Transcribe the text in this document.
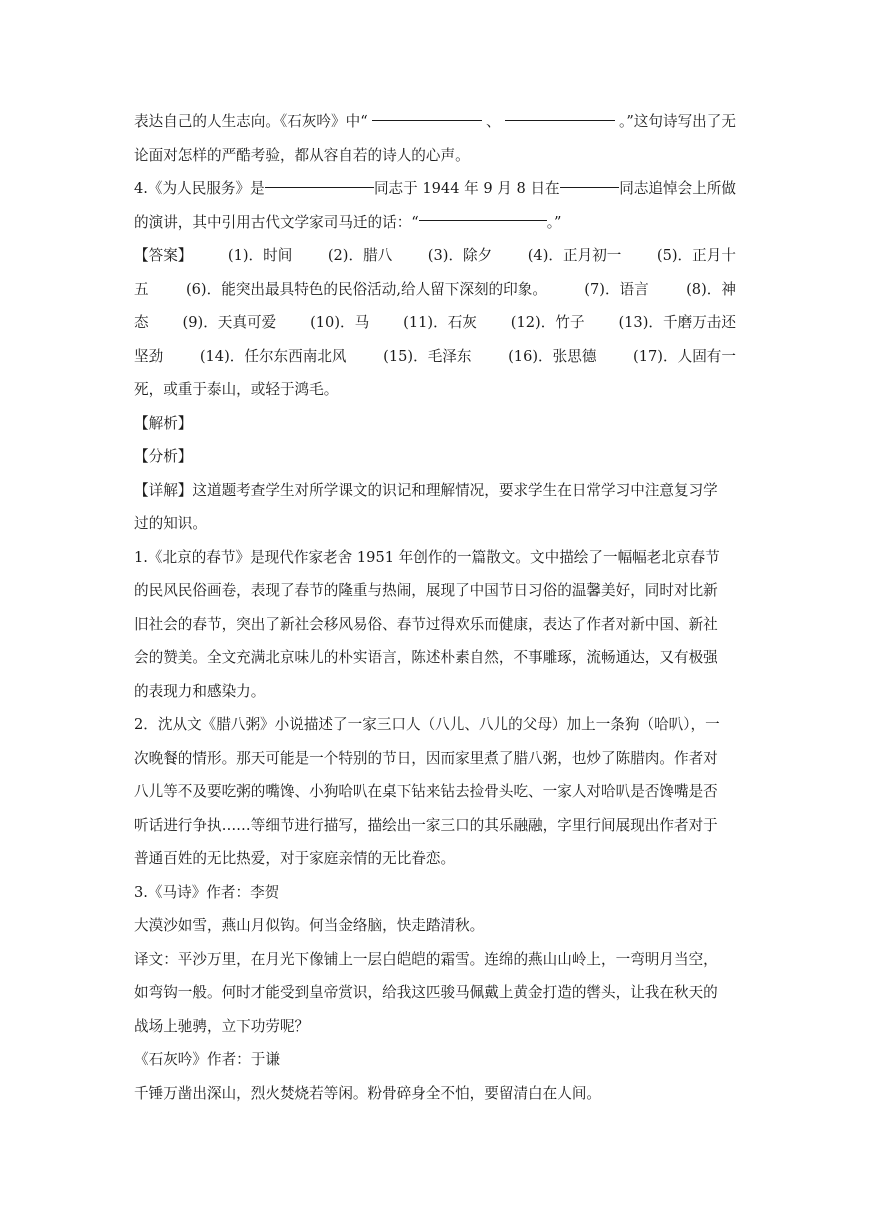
表达自己的人生志向。《石灰吟》中“	、	。”这句诗写出了无

论面对怎样的严酷考验，都从容自若的诗人的心声。

4.《为人民服务》是	同志于 1944 年 9 月 8 日在	同志追悼会上所做

的演讲，其中引用古代文学家司马迁的话：“	。”

【答案】 (1)．时间 (2)．腊八 (3)．除夕 (4)．正月初一 (5)．正月十
五	(6)．能突出最具特色的民俗活动,给人留下深刻的印象。	(7)．语言	(8)．神
态 (9)．天真可爱 (10)．马 (11)．石灰 (12)．竹子 (13)．千磨万击还
坚劲	(14)．任尔东西南北风	(15)．毛泽东	(16)．张思德	(17)．人固有一
死，或重于泰山，或轻于鸿毛。

【解析】

【分析】

【详解】这道题考查学生对所学课文的识记和理解情况，要求学生在日常学习中注意复习学

过的知识。

1.《北京的春节》是现代作家老舍 1951 年创作的一篇散文。文中描绘了一幅幅老北京春节

的民风民俗画卷，表现了春节的隆重与热闹，展现了中国节日习俗的温馨美好，同时对比新

旧社会的春节，突出了新社会移风易俗、春节过得欢乐而健康，表达了作者对新中国、新社

会的赞美。全文充满北京味儿的朴实语言，陈述朴素自然，不事雕琢，流畅通达，又有极强

的表现力和感染力。

2．沈从文《腊八粥》小说描述了一家三口人（八儿、八儿的父母）加上一条狗（哈叭），一

次晚餐的情形。那天可能是一个特别的节日，因而家里煮了腊八粥，也炒了陈腊肉。作者对

八儿等不及要吃粥的嘴馋、小狗哈叭在桌下钻来钻去捡骨头吃、一家人对哈叭是否馋嘴是否

听话进行争执……等细节进行描写，描绘出一家三口的其乐融融，字里行间展现出作者对于

普通百姓的无比热爱，对于家庭亲情的无比眷恋。

3.《马诗》作者：李贺

大漠沙如雪，燕山月似钩。何当金络脑，快走踏清秋。

译文：平沙万里，在月光下像铺上一层白皑皑的霜雪。连绵的燕山山岭上，一弯明月当空，

如弯钩一般。何时才能受到皇帝赏识，给我这匹骏马佩戴上黄金打造的辔头，让我在秋天的

战场上驰骋，立下功劳呢？

《石灰吟》作者：于谦

千锤万凿出深山，烈火焚烧若等闲。粉骨碎身全不怕，要留清白在人间。
